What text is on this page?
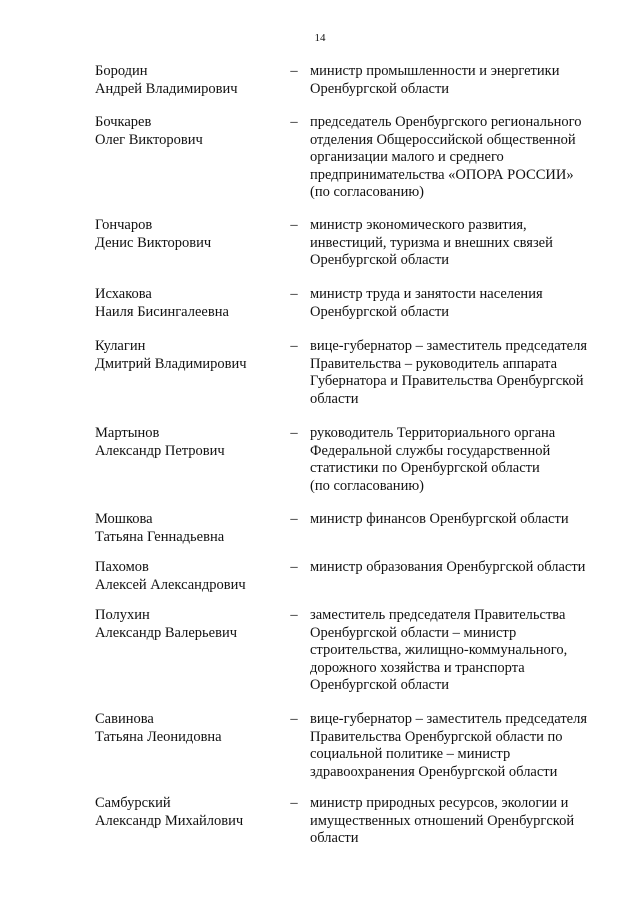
14
Бородин
Андрей Владимирович
– министр промышленности и энергетики
Оренбургской области
Бочкарев
Олег Викторович
– председатель Оренбургского регионального
отделения Общероссийской общественной
организации малого и среднего
предпринимательства «ОПОРА РОССИИ»
(по согласованию)
Гончаров
Денис Викторович
– министр экономического развития,
инвестиций, туризма и внешних связей
Оренбургской области
Исхакова
Наиля Бисингалеевна
– министр труда и занятости населения
Оренбургской области
Кулагин
Дмитрий Владимирович
– вице-губернатор – заместитель председателя
Правительства – руководитель аппарата
Губернатора и Правительства Оренбургской
области
Мартынов
Александр Петрович
– руководитель Территориального органа
Федеральной службы государственной
статистики по Оренбургской области
(по согласованию)
Мошкова
Татьяна Геннадьевна
– министр финансов Оренбургской области
Пахомов
Алексей Александрович
– министр образования Оренбургской области
Полухин
Александр Валерьевич
– заместитель председателя Правительства
Оренбургской области – министр
строительства, жилищно-коммунального,
дорожного хозяйства и транспорта
Оренбургской области
Савинова
Татьяна Леонидовна
– вице-губернатор – заместитель председателя
Правительства Оренбургской области по
социальной политике – министр
здравоохранения Оренбургской области
Самбурский
Александр Михайлович
– министр природных ресурсов, экологии и
имущественных отношений Оренбургской
области
